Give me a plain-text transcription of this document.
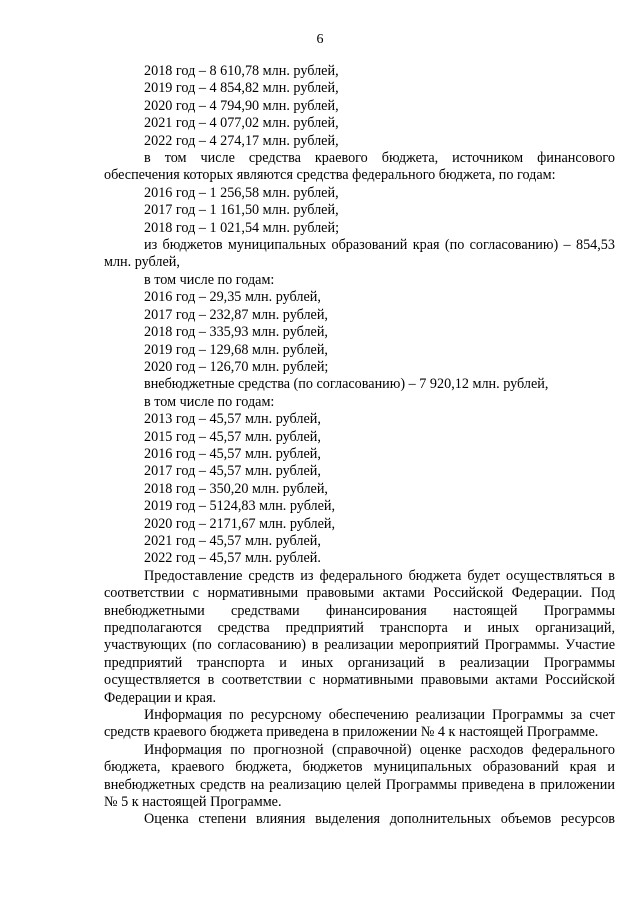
6
2018 год – 8 610,78 млн. рублей,
2019 год – 4 854,82 млн. рублей,
2020 год – 4 794,90 млн. рублей,
2021 год – 4 077,02 млн. рублей,
2022 год – 4 274,17 млн. рублей,
в том числе средства краевого бюджета, источником финансового обеспечения которых являются средства федерального бюджета, по годам:
2016 год – 1 256,58 млн. рублей,
2017 год – 1 161,50 млн. рублей,
2018 год – 1 021,54 млн. рублей;
из бюджетов муниципальных образований края (по согласованию) – 854,53 млн. рублей,
в том числе по годам:
2016 год – 29,35 млн. рублей,
2017 год – 232,87 млн. рублей,
2018 год – 335,93 млн. рублей,
2019 год – 129,68 млн. рублей,
2020 год – 126,70 млн. рублей;
внебюджетные средства (по согласованию) – 7 920,12 млн. рублей,
в том числе по годам:
2013 год – 45,57 млн. рублей,
2015 год – 45,57 млн. рублей,
2016 год – 45,57 млн. рублей,
2017 год – 45,57 млн. рублей,
2018 год – 350,20 млн. рублей,
2019 год – 5124,83 млн. рублей,
2020 год – 2171,67 млн. рублей,
2021 год – 45,57 млн. рублей,
2022 год – 45,57 млн. рублей.
Предоставление средств из федерального бюджета будет осуществляться в соответствии с нормативными правовыми актами Российской Федерации. Под внебюджетными средствами финансирования настоящей Программы предполагаются средства предприятий транспорта и иных организаций, участвующих (по согласованию) в реализации мероприятий Программы. Участие предприятий транспорта и иных организаций в реализации Программы осуществляется в соответствии с нормативными правовыми актами Российской Федерации и края.
Информация по ресурсному обеспечению реализации Программы за счет средств краевого бюджета приведена в приложении № 4 к настоящей Программе.
Информация по прогнозной (справочной) оценке расходов федерального бюджета, краевого бюджета, бюджетов муниципальных образований края и внебюджетных средств на реализацию целей Программы приведена в приложении № 5 к настоящей Программе.
Оценка степени влияния выделения дополнительных объемов ресурсов
